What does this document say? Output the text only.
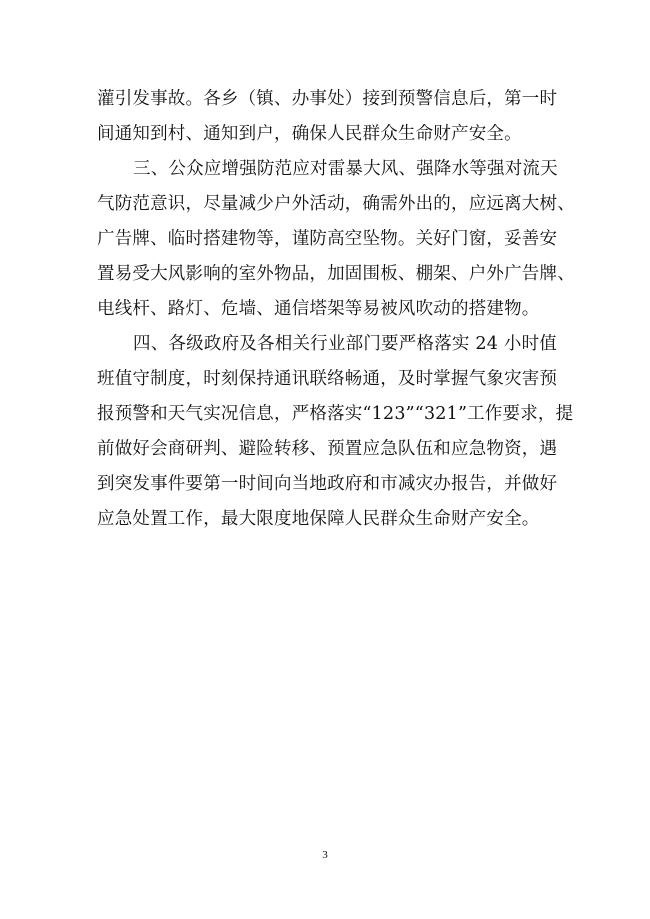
灌引发事故。各乡（镇、办事处）接到预警信息后，第一时
间通知到村、通知到户，确保人民群众生命财产安全。
三、公众应增强防范应对雷暴大风、强降水等强对流天
气防范意识，尽量减少户外活动，确需外出的，应远离大树、
广告牌、临时搭建物等，谨防高空坠物。关好门窗，妥善安
置易受大风影响的室外物品，加固围板、棚架、户外广告牌、
电线杆、路灯、危墙、通信塔架等易被风吹动的搭建物。
四、各级政府及各相关行业部门要严格落实 24 小时值
班值守制度，时刻保持通讯联络畅通，及时掌握气象灾害预
报预警和天气实况信息，严格落实“123”“321”工作要求，提
前做好会商研判、避险转移、预置应急队伍和应急物资，遇
到突发事件要第一时间向当地政府和市减灾办报告，并做好
应急处置工作，最大限度地保障人民群众生命财产安全。
3
